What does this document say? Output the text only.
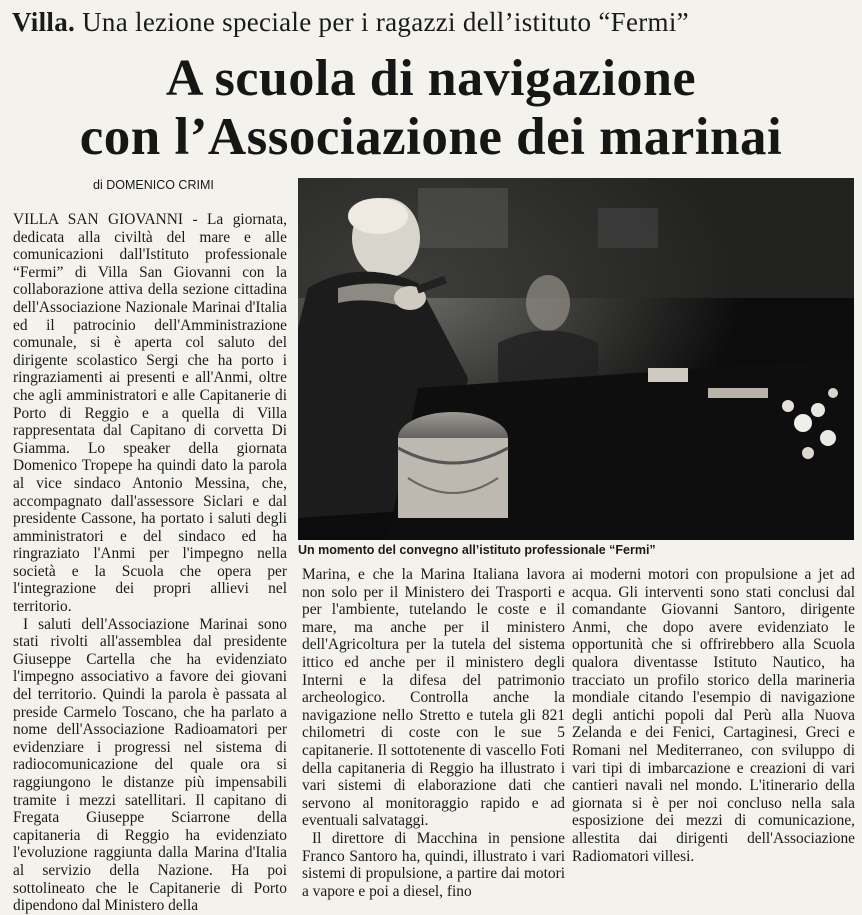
Villa. Una lezione speciale per i ragazzi dell’istituto “Fermi”
A scuola di navigazione
con l’Associazione dei marinai
di DOMENICO CRIMI

VILLA SAN GIOVANNI - La giornata, dedicata alla civiltà del mare e alle comunicazioni dall'Istituto professionale “Fermi” di Villa San Giovanni con la collaborazione attiva della sezione cittadina dell'Associazione Nazionale Marinai d'Italia ed il patrocinio dell'Amministrazione comunale, si è aperta col saluto del dirigente scolastico Sergi che ha porto i ringraziamenti ai presenti e all'Anmi, oltre che agli amministratori e alle Capitanerie di Porto di Reggio e a quella di Villa rappresentata dal Capitano di corvetta Di Giamma. Lo speaker della giornata Domenico Tropepe ha quindi dato la parola al vice sindaco Antonio Messina, che, accompagnato dall'assessore Siclari e dal presidente Cassone, ha portato i saluti degli amministratori e del sindaco ed ha ringraziato l'Anmi per l'impegno nella società e la Scuola che opera per l'integrazione dei propri allievi nel territorio.

I saluti dell'Associazione Marinai sono stati rivolti all'assemblea dal presidente Giuseppe Cartella che ha evidenziato l'impegno associativo a favore dei giovani del territorio. Quindi la parola è passata al preside Carmelo Toscano, che ha parlato a nome dell'Associazione Radioamatori per evidenziare i progressi nel sistema di radiocomunicazione del quale ora si raggiungono le distanze più impensabili tramite i mezzi satellitari. Il capitano di Fregata Giuseppe Sciarrone della capitaneria di Reggio ha evidenziato l'evoluzione raggiunta dalla Marina d'Italia al servizio della Nazione. Ha poi sottolineato che le Capitanerie di Porto dipendono dal Ministero della

Un momento del convegno all’istituto professionale “Fermi”

Marina, e che la Marina Italiana lavora non solo per il Ministero dei Trasporti e per l'ambiente, tutelando le coste e il mare, ma anche per il ministero dell'Agricoltura per la tutela del sistema ittico ed anche per il ministero degli Interni e la difesa del patrimonio archeologico. Controlla anche la navigazione nello Stretto e tutela gli 821 chilometri di coste con le sue 5 capitanerie. Il sottotenente di vascello Foti della capitaneria di Reggio ha illustrato i vari sistemi di elaborazione dati che servono al monitoraggio rapido e ad eventuali salvataggi.

Il direttore di Macchina in pensione Franco Santoro ha, quindi, illustrato i vari sistemi di propulsione, a partire dai motori a vapore e poi a diesel, fino

ai moderni motori con propulsione a jet ad acqua. Gli interventi sono stati conclusi dal comandante Giovanni Santoro, dirigente Anmi, che dopo avere evidenziato le opportunità che si offrirebbero alla Scuola qualora diventasse Istituto Nautico, ha tracciato un profilo storico della marineria mondiale citando l'esempio di navigazione degli antichi popoli dal Perù alla Nuova Zelanda e dei Fenici, Cartaginesi, Greci e Romani nel Mediterraneo, con sviluppo di vari tipi di imbarcazione e creazioni di vari cantieri navali nel mondo. L'itinerario della giornata si è per noi concluso nella sala esposizione dei mezzi di comunicazione, allestita dai dirigenti dell'Associazione Radiomatori villesi.
